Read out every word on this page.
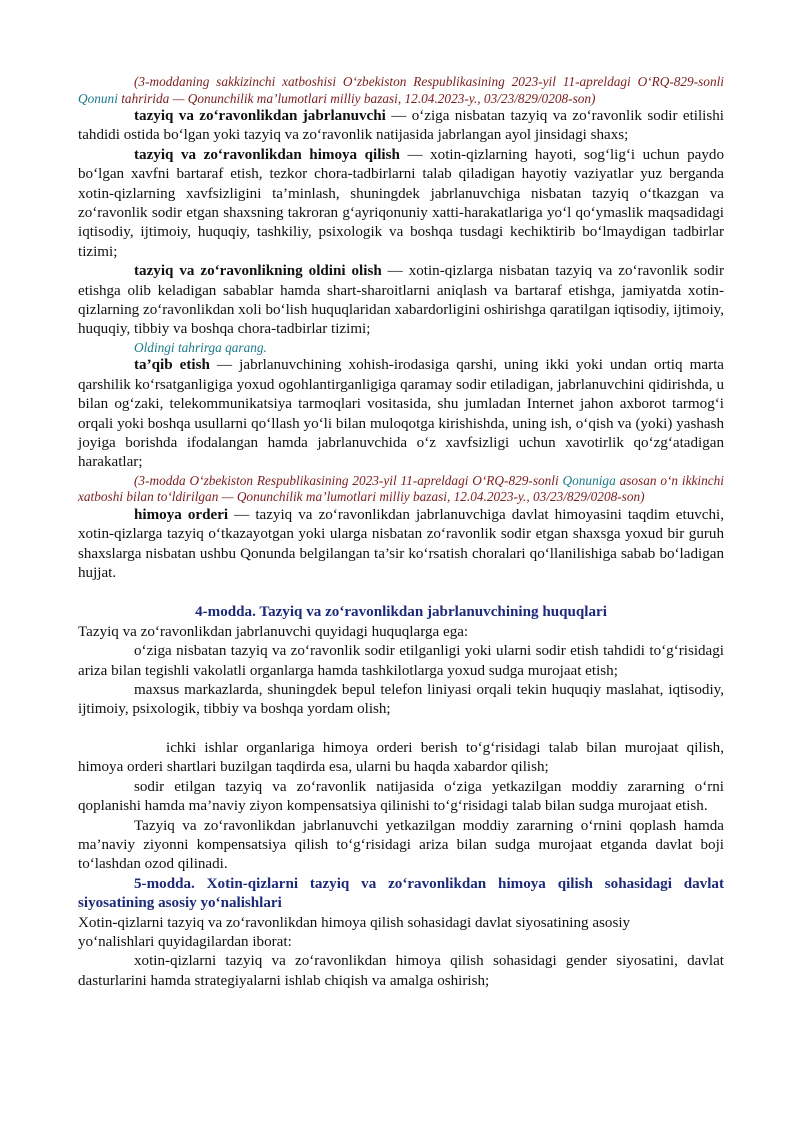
(3-moddaning sakkizinchi xatboshisi O‘zbekiston Respublikasining 2023-yil 11-apreldagi O‘RQ-829-sonli Qonuni tahririda — Qonunchilik ma’lumotlari milliy bazasi, 12.04.2023-y., 03/23/829/0208-son)

tazyiq va zo‘ravonlikdan jabrlanuvchi — o‘ziga nisbatan tazyiq va zo‘ravonlik sodir etilishi tahdidi ostida bo‘lgan yoki tazyiq va zo‘ravonlik natijasida jabrlangan ayol jinsidagi shaxs;

tazyiq va zo‘ravonlikdan himoya qilish — xotin-qizlarning hayoti, sog‘lig‘i uchun paydo bo‘lgan xavfni bartaraf etish, tezkor chora-tadbirlarni talab qiladigan hayotiy vaziyatlar yuz berganda xotin-qizlarning xavfsizligini ta’minlash, shuningdek jabrlanuvchiga nisbatan tazyiq o‘tkazgan va zo‘ravonlik sodir etgan shaxsning takroran g‘ayriqonuniy xatti-harakatlariga yo‘l qo‘ymaslik maqsadidagi iqtisodiy, ijtimoiy, huquqiy, tashkiliy, psixologik va boshqa tusdagi kechiktirib bo‘lmaydigan tadbirlar tizimi;

tazyiq va zo‘ravonlikning oldini olish — xotin-qizlarga nisbatan tazyiq va zo‘ravonlik sodir etishga olib keladigan sabablar hamda shart-sharoitlarni aniqlash va bartaraf etishga, jamiyatda xotin-qizlarning zo‘ravonlikdan xoli bo‘lish huquqlaridan xabardorligini oshirishga qaratilgan iqtisodiy, ijtimoiy, huquqiy, tibbiy va boshqa chora-tadbirlar tizimi;

Oldingi tahrirga qarang.

ta’qib etish — jabrlanuvchining xohish-irodasiga qarshi, uning ikki yoki undan ortiq marta qarshilik ko‘rsatganligiga yoxud ogohlantirganligiga qaramay sodir etiladigan, jabrlanuvchini qidirishda, u bilan og‘zaki, telekommunikatsiya tarmoqlari vositasida, shu jumladan Internet jahon axborot tarmog‘i orqali yoki boshqa usullarni qo‘llash yo‘li bilan muloqotga kirishishda, uning ish, o‘qish va (yoki) yashash joyiga borishda ifodalangan hamda jabrlanuvchida o‘z xavfsizligi uchun xavotirlik qo‘zg‘atadigan harakatlar;

(3-modda O‘zbekiston Respublikasining 2023-yil 11-apreldagi O‘RQ-829-sonli Qonuniga asosan o‘n ikkinchi xatboshi bilan to‘ldirilgan — Qonunchilik ma’lumotlari milliy bazasi, 12.04.2023-y., 03/23/829/0208-son)

himoya orderi — tazyiq va zo‘ravonlikdan jabrlanuvchiga davlat himoyasini taqdim etuvchi, xotin-qizlarga tazyiq o‘tkazayotgan yoki ularga nisbatan zo‘ravonlik sodir etgan shaxsga yoxud bir guruh shaxslarga nisbatan ushbu Qonunda belgilangan ta’sir ko‘rsatish choralari qo‘llanilishiga sabab bo‘ladigan hujjat.

4-modda. Tazyiq va zo‘ravonlikdan jabrlanuvchining huquqlari

Tazyiq va zo‘ravonlikdan jabrlanuvchi quyidagi huquqlarga ega:

o‘ziga nisbatan tazyiq va zo‘ravonlik sodir etilganligi yoki ularni sodir etish tahdidi to‘g‘risidagi ariza bilan tegishli vakolatli organlarga hamda tashkilotlarga yoxud sudga murojaat etish;

maxsus markazlarda, shuningdek bepul telefon liniyasi orqali tekin huquqiy maslahat, iqtisodiy, ijtimoiy, psixologik, tibbiy va boshqa yordam olish;

ichki ishlar organlariga himoya orderi berish to‘g‘risidagi talab bilan murojaat qilish, himoya orderi shartlari buzilgan taqdirda esa, ularni bu haqda xabardor qilish;

sodir etilgan tazyiq va zo‘ravonlik natijasida o‘ziga yetkazilgan moddiy zararning o‘rni qoplanishi hamda ma’naviy ziyon kompensatsiya qilinishi to‘g‘risidagi talab bilan sudga murojaat etish.

Tazyiq va zo‘ravonlikdan jabrlanuvchi yetkazilgan moddiy zararning o‘rnini qoplash hamda ma’naviy ziyonni kompensatsiya qilish to‘g‘risidagi ariza bilan sudga murojaat etganda davlat boji to‘lashdan ozod qilinadi.

5-modda. Xotin-qizlarni tazyiq va zo‘ravonlikdan himoya qilish sohasidagi davlat siyosatining asosiy yo‘nalishlari

Xotin-qizlarni tazyiq va zo‘ravonlikdan himoya qilish sohasidagi davlat siyosatining asosiy
yo‘nalishlari quyidagilardan iborat:

xotin-qizlarni tazyiq va zo‘ravonlikdan himoya qilish sohasidagi gender siyosatini, davlat dasturlarini hamda strategiyalarni ishlab chiqish va amalga oshirish;
